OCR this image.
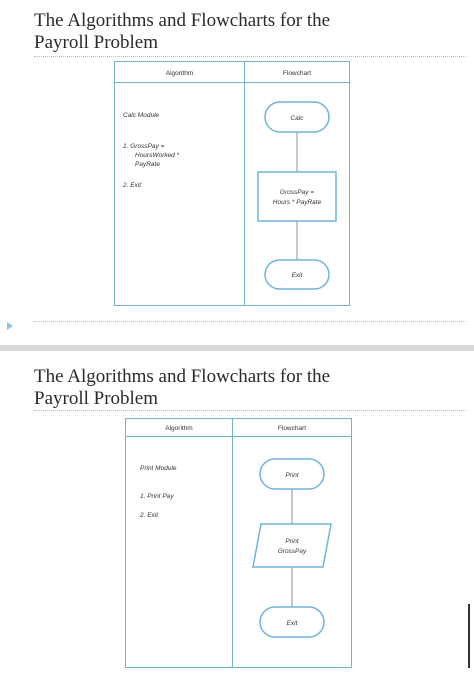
The Algorithms and Flowcharts for the
Payroll Problem
Algorithm	Flowchart
Calc Module
1. GrossPay =
HoursWorked *
PayRate
2. Exit
Calc
GrossPay =
Hours * PayRate
Exit
The Algorithms and Flowcharts for the
Payroll Problem
Algorithm	Flowchart
Print Module
1. Print Pay
2. Exit
Print
Print
GrossPay
Exit
